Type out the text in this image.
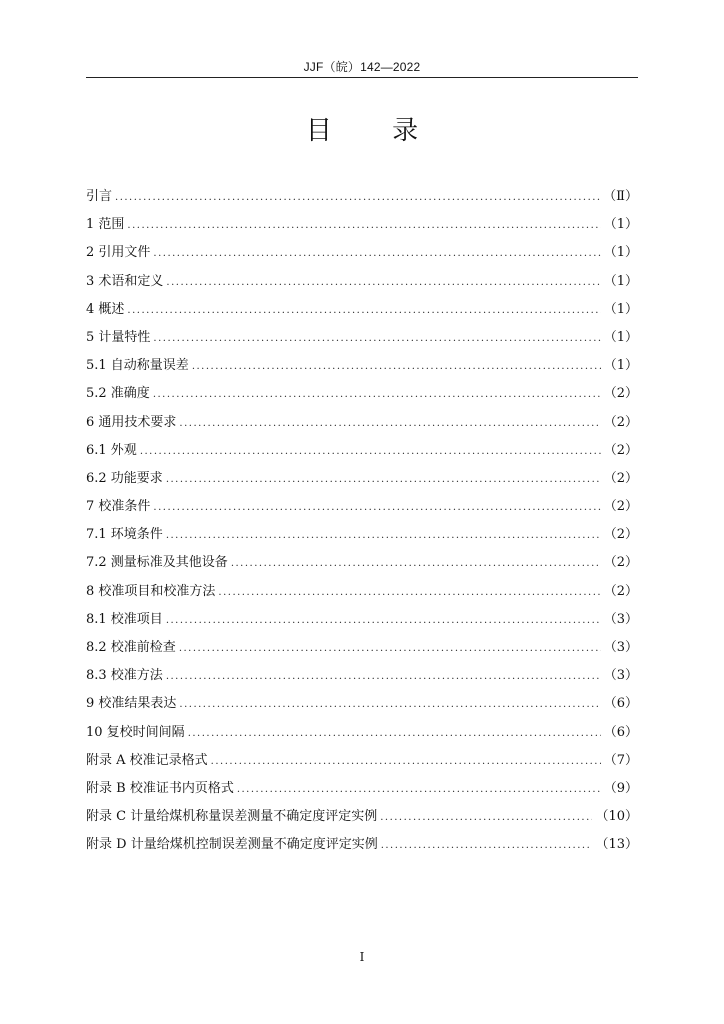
JJF（皖）142—2022
目 录
引言 .....	（Ⅱ）
1 范围 .....	（1）
2 引用文件 .....	（1）
3 术语和定义 .....	（1）
4 概述 .....	（1）
5 计量特性 .....	（1）
5.1 自动称量误差 .....	（1）
5.2 准确度 .....	（2）
6 通用技术要求 .....	（2）
6.1 外观 .....	（2）
6.2 功能要求 .....	（2）
7 校准条件 .....	（2）
7.1 环境条件 .....	（2）
7.2 测量标准及其他设备 .....	（2）
8 校准项目和校准方法 .....	（2）
8.1 校准项目 .....	（3）
8.2 校准前检查 .....	（3）
8.3 校准方法 .....	（3）
9 校准结果表达 .....	（6）
10 复校时间间隔 .....	（6）
附录 A 校准记录格式 .....	（7）
附录 B 校准证书内页格式 .....	（9）
附录 C 计量给煤机称量误差测量不确定度评定实例 .....	（10）
附录 D 计量给煤机控制误差测量不确定度评定实例 .....	（13）
I
